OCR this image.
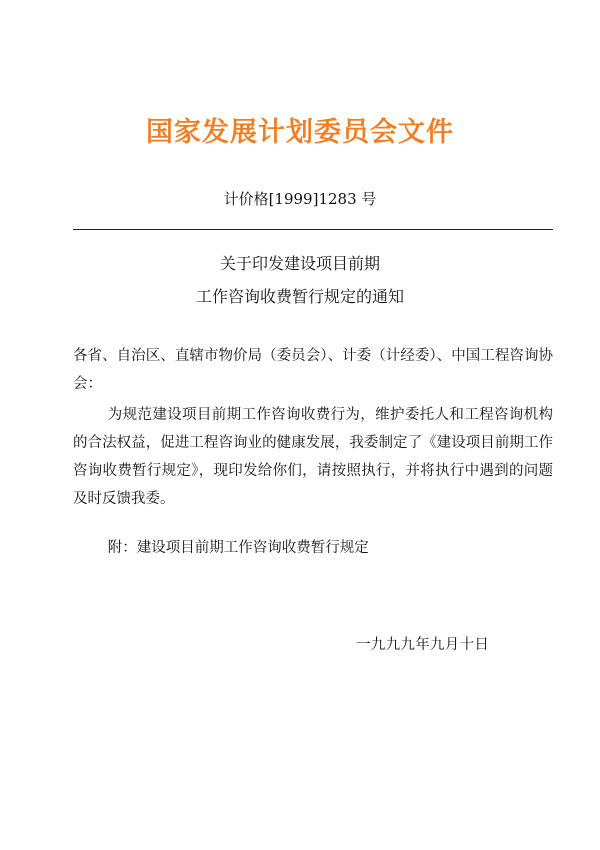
国家发展计划委员会文件
计价格[1999]1283 号
关于印发建设项目前期
工作咨询收费暂行规定的通知
各省、自治区、直辖市物价局（委员会）、计委（计经委）、中国工程咨询协会：
为规范建设项目前期工作咨询收费行为，维护委托人和工程咨询机构的合法权益，促进工程咨询业的健康发展，我委制定了《建设项目前期工作咨询收费暂行规定》，现印发给你们，请按照执行，并将执行中遇到的问题及时反馈我委。
附：建设项目前期工作咨询收费暂行规定
一九九九年九月十日
